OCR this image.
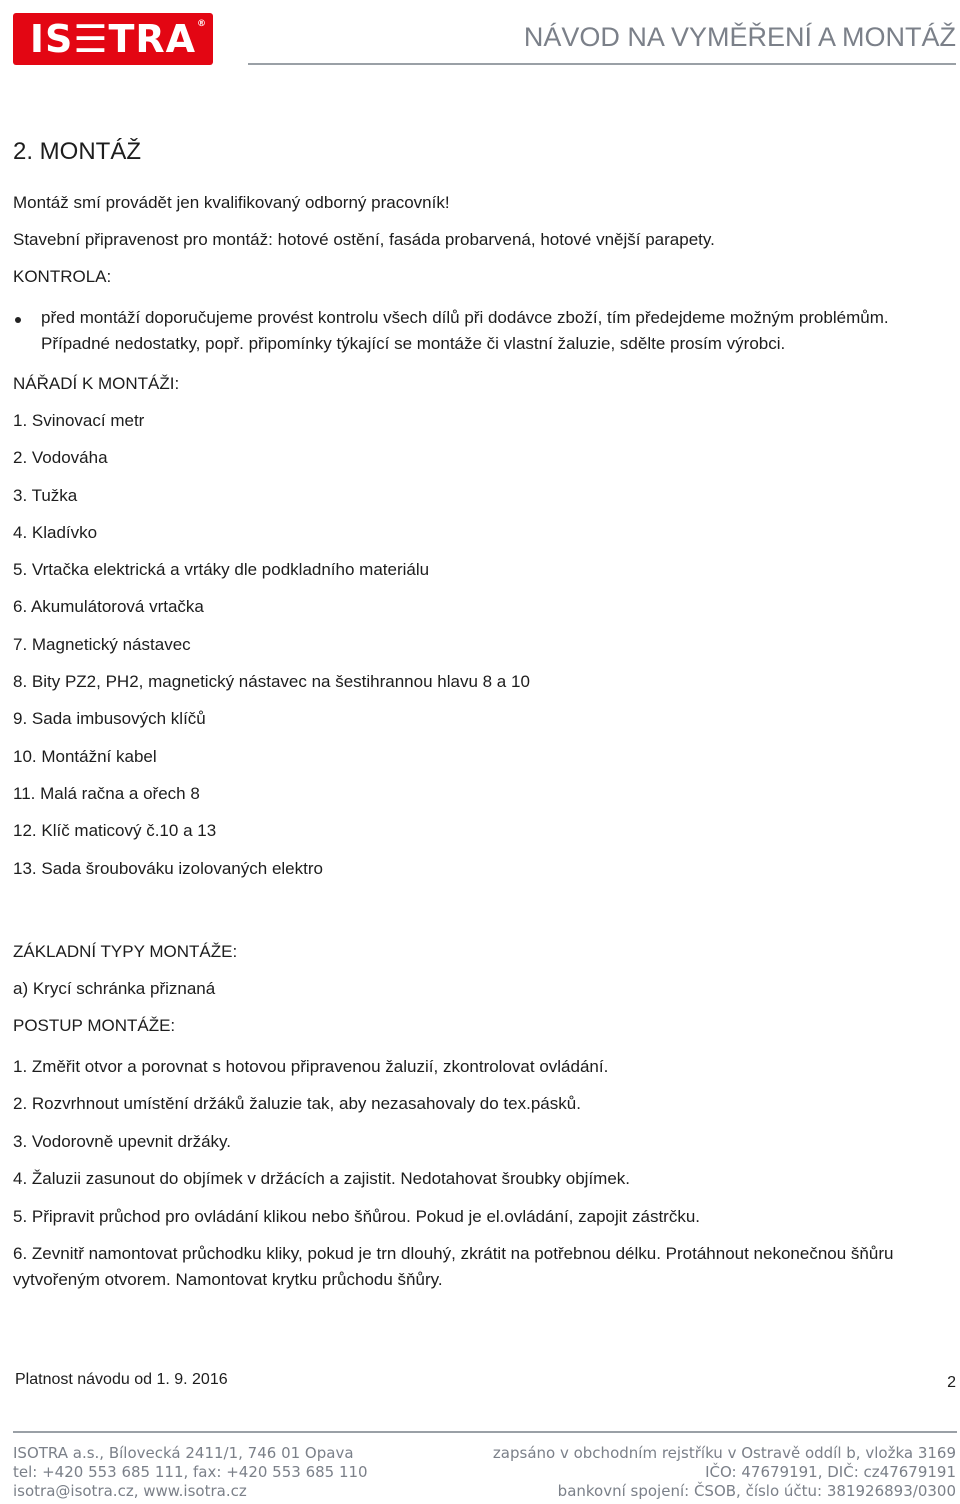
IS☰TRA ®	NÁVOD NA VYMĚŘENÍ A MONTÁŽ
2. MONTÁŽ
Montáž smí provádět jen kvalifikovaný odborný pracovník!
Stavební připravenost pro montáž: hotové ostění, fasáda probarvená, hotové vnější parapety.
KONTROLA:
před montáží doporučujeme provést kontrolu všech dílů při dodávce zboží, tím předejdeme možným problémům. Případné nedostatky, popř. připomínky týkající se montáže či vlastní žaluzie, sdělte prosím výrobci.
NÁŘADÍ K MONTÁŽI:
1. Svinovací metr
2. Vodováha
3. Tužka
4. Kladívko
5. Vrtačka elektrická a vrtáky dle podkladního materiálu
6. Akumulátorová vrtačka
7. Magnetický nástavec
8. Bity PZ2, PH2, magnetický nástavec na šestihrannou hlavu 8 a 10
9. Sada imbusových klíčů
10. Montážní kabel
11. Malá račna a ořech 8
12. Klíč maticový č.10 a 13
13. Sada šroubováku izolovaných elektro
ZÁKLADNÍ TYPY MONTÁŽE:
a) Krycí schránka přiznaná
POSTUP MONTÁŽE:
1. Změřit otvor a porovnat s hotovou připravenou žaluzií, zkontrolovat ovládání.
2. Rozvrhnout umístění držáků žaluzie tak, aby nezasahovaly do tex.pásků.
3. Vodorovně upevnit držáky.
4. Žaluzii zasunout do objímek v držácích a zajistit. Nedotahovat šroubky objímek.
5. Připravit průchod pro ovládání klikou nebo šňůrou. Pokud je el.ovládání, zapojit zástrčku.
6. Zevnitř namontovat průchodku kliky, pokud je trn dlouhý, zkrátit na potřebnou délku. Protáhnout nekonečnou šňůru vytvořeným otvorem. Namontovat krytku průchodu šňůry.
Platnost návodu od 1. 9. 2016	2
ISOTRA a.s., Bílovecká 2411/1, 746 01 Opava
tel: +420 553 685 111, fax: +420 553 685 110
isotra@isotra.cz, www.isotra.cz
zapsáno v obchodním rejstříku v Ostravě oddíl b, vložka 3169
IČO: 47679191, DIČ: cz47679191
bankovní spojení: ČSOB, číslo účtu: 381926893/0300
